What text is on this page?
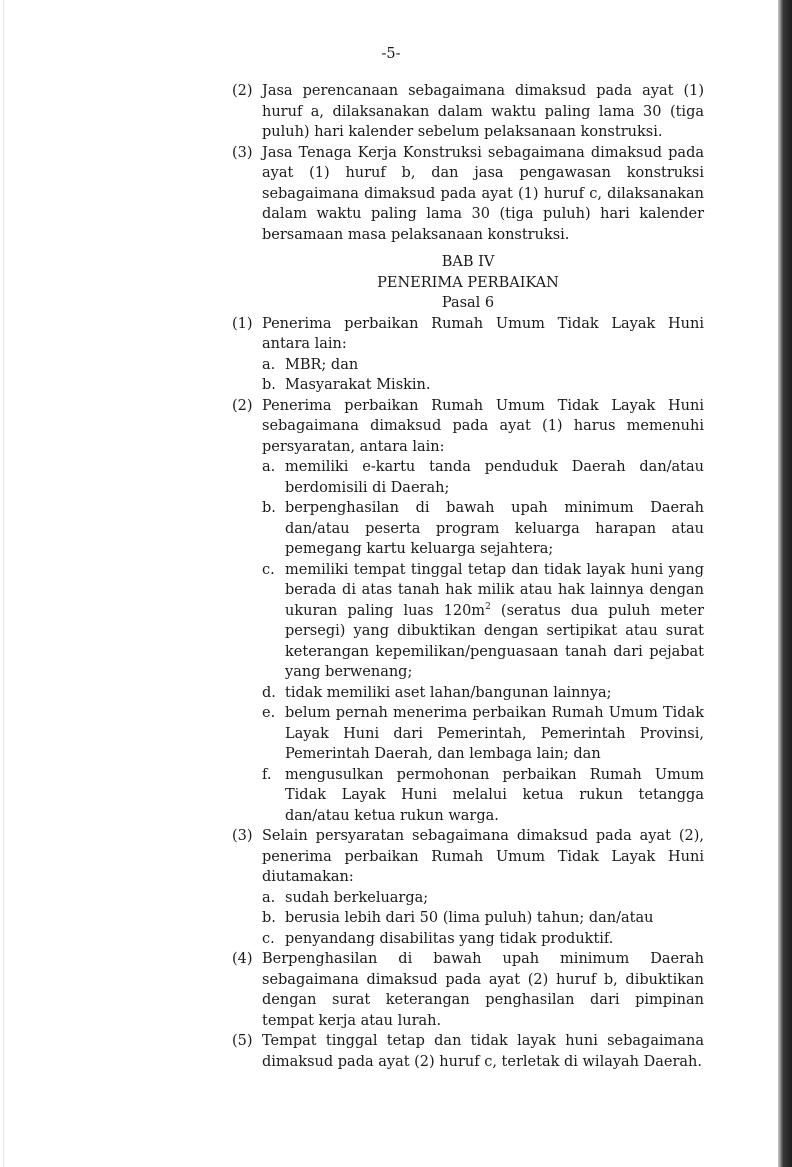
-5-
(2) Jasa perencanaan sebagaimana dimaksud pada ayat (1) huruf a, dilaksanakan dalam waktu paling lama 30 (tiga puluh) hari kalender sebelum pelaksanaan konstruksi.
(3) Jasa Tenaga Kerja Konstruksi sebagaimana dimaksud pada ayat (1) huruf b, dan jasa pengawasan konstruksi sebagaimana dimaksud pada ayat (1) huruf c, dilaksanakan dalam waktu paling lama 30 (tiga puluh) hari kalender bersamaan masa pelaksanaan konstruksi.
BAB IV
PENERIMA PERBAIKAN
Pasal 6
(1) Penerima perbaikan Rumah Umum Tidak Layak Huni antara lain:
a. MBR; dan
b. Masyarakat Miskin.
(2) Penerima perbaikan Rumah Umum Tidak Layak Huni sebagaimana dimaksud pada ayat (1) harus memenuhi persyaratan, antara lain:
a. memiliki e-kartu tanda penduduk Daerah dan/atau berdomisili di Daerah;
b. berpenghasilan di bawah upah minimum Daerah dan/atau peserta program keluarga harapan atau pemegang kartu keluarga sejahtera;
c. memiliki tempat tinggal tetap dan tidak layak huni yang berada di atas tanah hak milik atau hak lainnya dengan ukuran paling luas $120m^2$ (seratus dua puluh meter persegi) yang dibuktikan dengan sertipikat atau surat keterangan kepemilikan/penguasaan tanah dari pejabat yang berwenang;
d. tidak memiliki aset lahan/bangunan lainnya;
e. belum pernah menerima perbaikan Rumah Umum Tidak Layak Huni dari Pemerintah, Pemerintah Provinsi, Pemerintah Daerah, dan lembaga lain; dan
f. mengusulkan permohonan perbaikan Rumah Umum Tidak Layak Huni melalui ketua rukun tetangga dan/atau ketua rukun warga.
(3) Selain persyaratan sebagaimana dimaksud pada ayat (2), penerima perbaikan Rumah Umum Tidak Layak Huni diutamakan:
a. sudah berkeluarga;
b. berusia lebih dari 50 (lima puluh) tahun; dan/atau
c. penyandang disabilitas yang tidak produktif.
(4) Berpenghasilan di bawah upah minimum Daerah sebagaimana dimaksud pada ayat (2) huruf b, dibuktikan dengan surat keterangan penghasilan dari pimpinan tempat kerja atau lurah.
(5) Tempat tinggal tetap dan tidak layak huni sebagaimana dimaksud pada ayat (2) huruf c, terletak di wilayah Daerah.
